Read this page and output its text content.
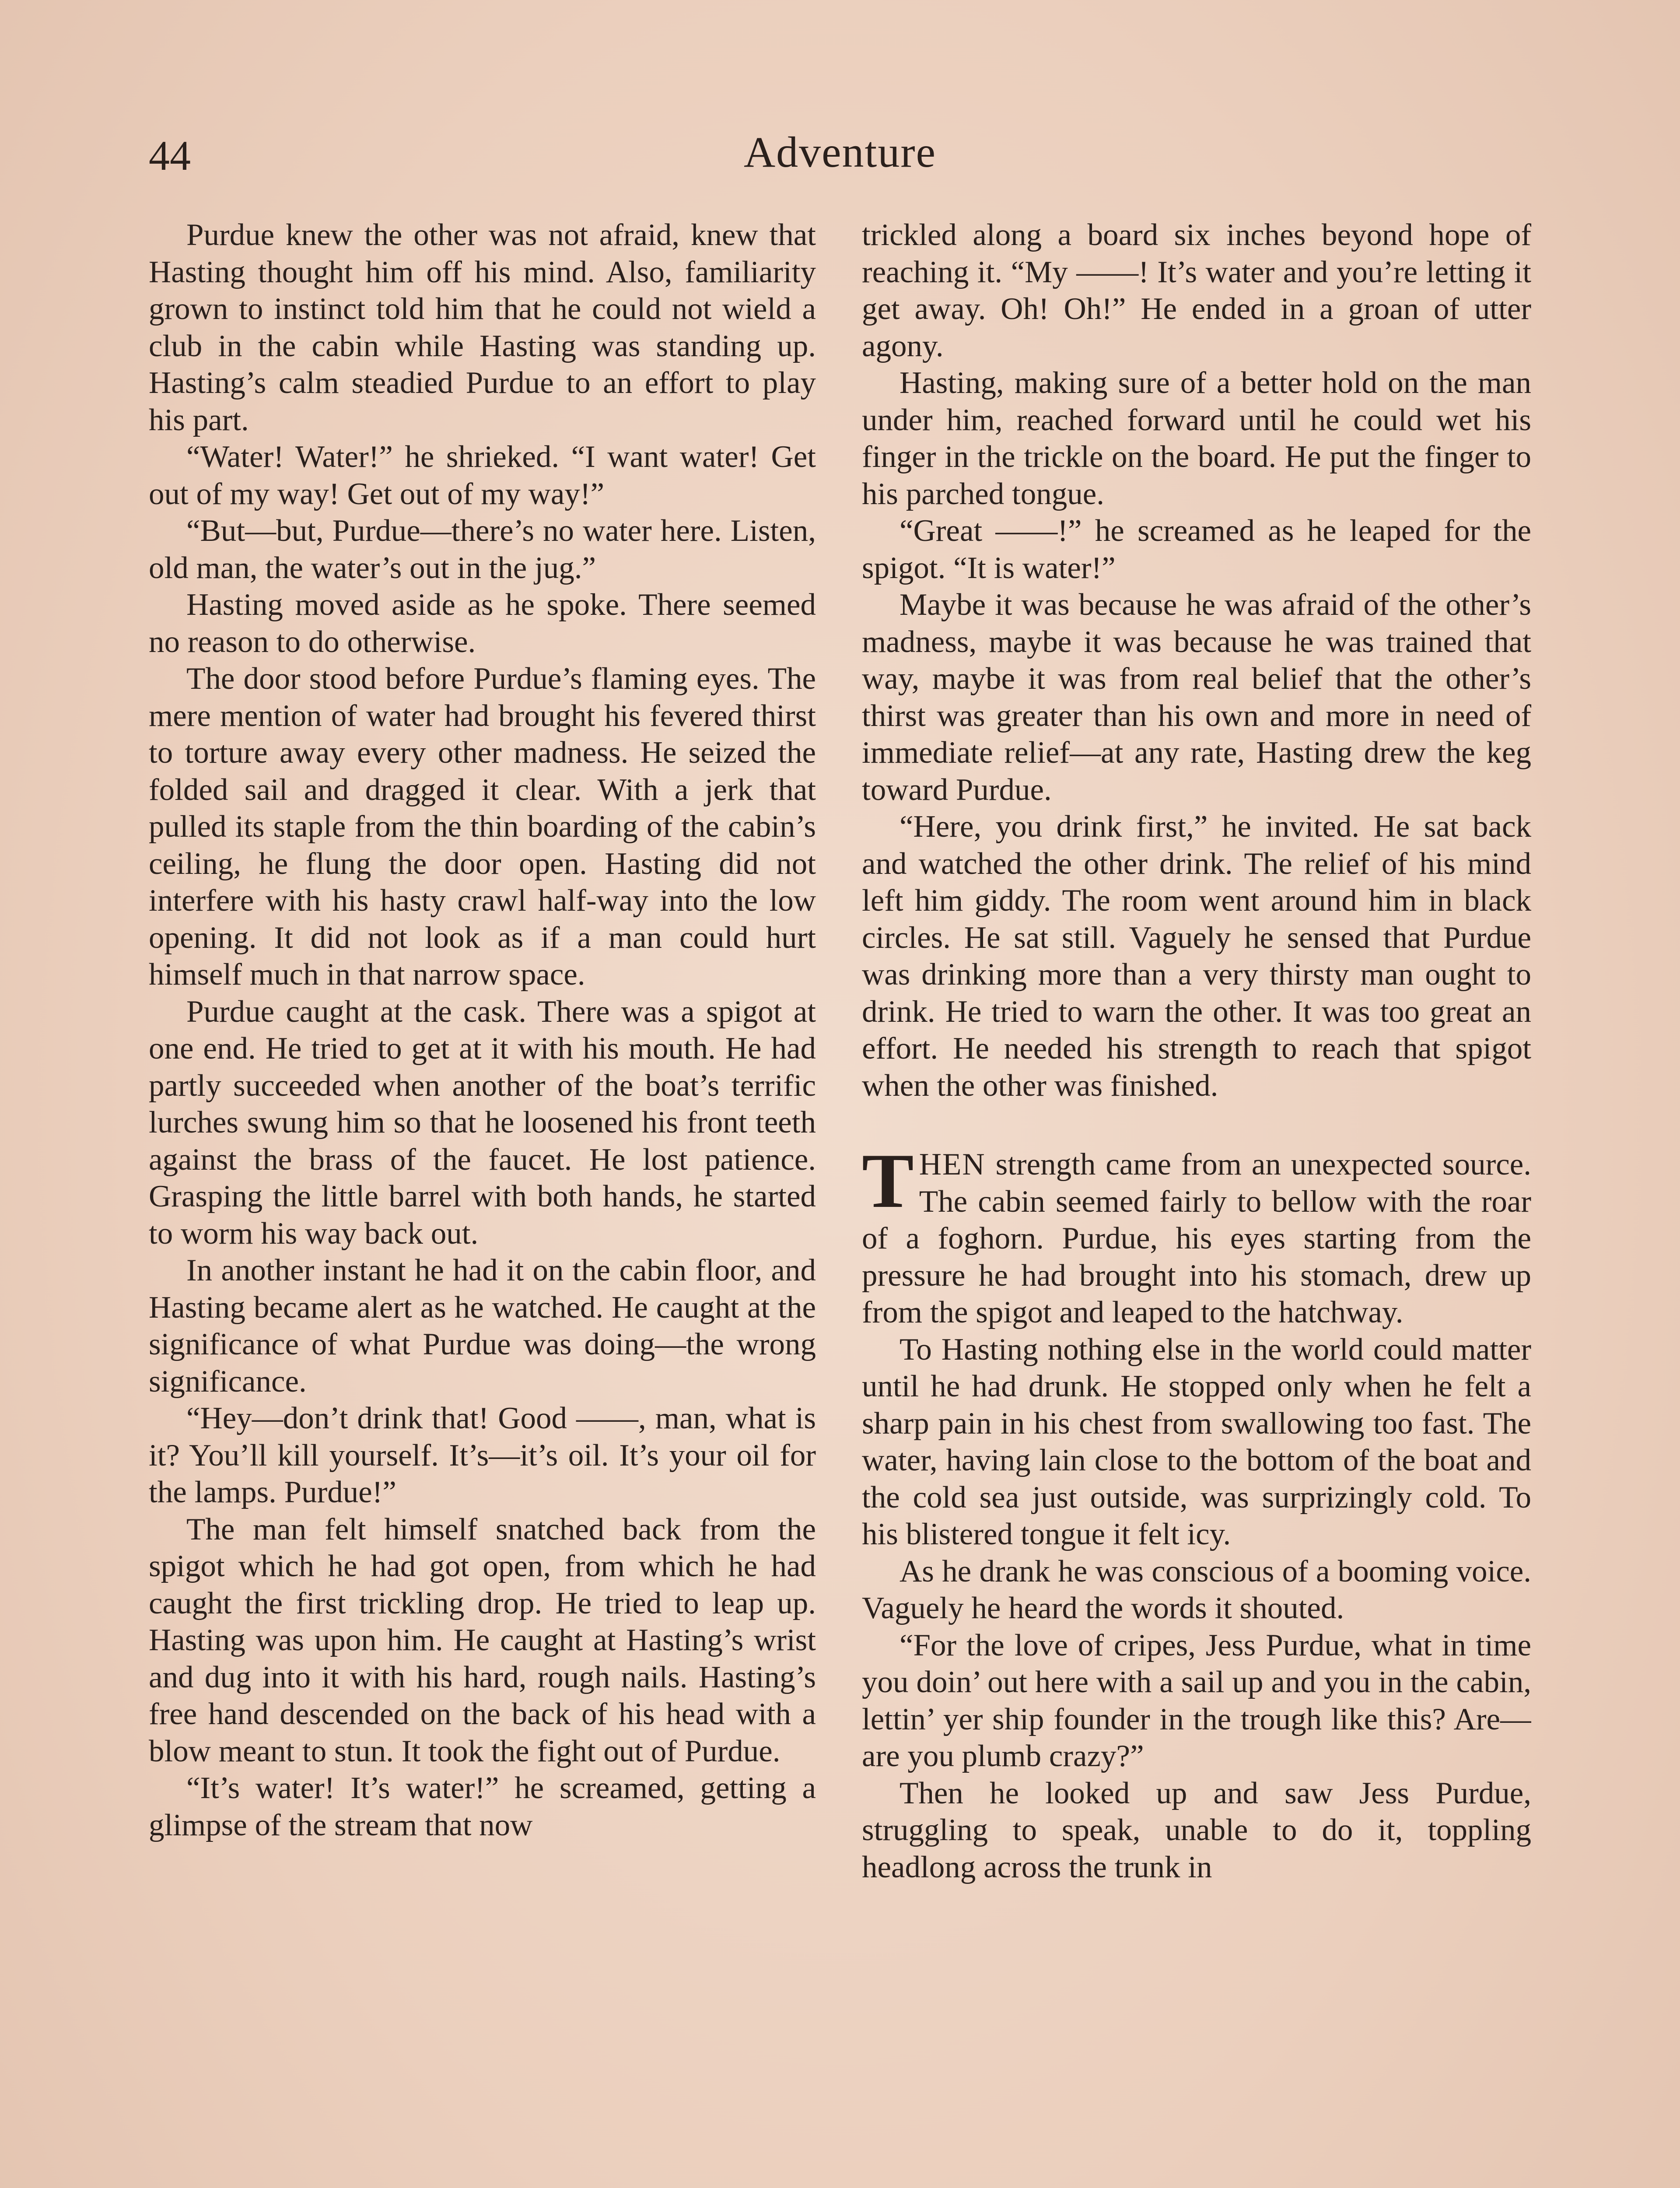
44	Adventure

Purdue knew the other was not afraid, knew that Hasting thought him off his mind. Also, familiarity grown to instinct told him that he could not wield a club in the cabin while Hasting was standing up. Hasting’s calm steadied Purdue to an effort to play his part.

“Water! Water!” he shrieked. “I want water! Get out of my way! Get out of my way!”

“But—but, Purdue—there’s no water here. Listen, old man, the water’s out in the jug.”

Hasting moved aside as he spoke. There seemed no reason to do otherwise.

The door stood before Purdue’s flaming eyes. The mere mention of water had brought his fevered thirst to torture away every other madness. He seized the folded sail and dragged it clear. With a jerk that pulled its staple from the thin boarding of the cabin’s ceiling, he flung the door open. Hasting did not interfere with his hasty crawl half-way into the low opening. It did not look as if a man could hurt himself much in that narrow space.

Purdue caught at the cask. There was a spigot at one end. He tried to get at it with his mouth. He had partly succeeded when another of the boat’s terrific lurches swung him so that he loosened his front teeth against the brass of the faucet. He lost patience. Grasping the little barrel with both hands, he started to worm his way back out.

In another instant he had it on the cabin floor, and Hasting became alert as he watched. He caught at the significance of what Purdue was doing—the wrong significance.

“Hey—don’t drink that! Good ——, man, what is it? You’ll kill yourself. It’s—it’s oil. It’s your oil for the lamps. Purdue!”

The man felt himself snatched back from the spigot which he had got open, from which he had caught the first trickling drop. He tried to leap up. Hasting was upon him. He caught at Hasting’s wrist and dug into it with his hard, rough nails. Hasting’s free hand descended on the back of his head with a blow meant to stun. It took the fight out of Purdue.

“It’s water! It’s water!” he screamed, getting a glimpse of the stream that now

trickled along a board six inches beyond hope of reaching it. “My ——! It’s water and you’re letting it get away. Oh! Oh!” He ended in a groan of utter agony.

Hasting, making sure of a better hold on the man under him, reached forward until he could wet his finger in the trickle on the board. He put the finger to his parched tongue.

“Great ——!” he screamed as he leaped for the spigot. “It is water!”

Maybe it was because he was afraid of the other’s madness, maybe it was because he was trained that way, maybe it was from real belief that the other’s thirst was greater than his own and more in need of immediate relief—at any rate, Hasting drew the keg toward Purdue.

“Here, you drink first,” he invited. He sat back and watched the other drink. The relief of his mind left him giddy. The room went around him in black circles. He sat still. Vaguely he sensed that Purdue was drinking more than a very thirsty man ought to drink. He tried to warn the other. It was too great an effort. He needed his strength to reach that spigot when the other was finished.

THEN strength came from an unexpected source. The cabin seemed fairly to bellow with the roar of a foghorn. Purdue, his eyes starting from the pressure he had brought into his stomach, drew up from the spigot and leaped to the hatchway.

To Hasting nothing else in the world could matter until he had drunk. He stopped only when he felt a sharp pain in his chest from swallowing too fast. The water, having lain close to the bottom of the boat and the cold sea just outside, was surprizingly cold. To his blistered tongue it felt icy.

As he drank he was conscious of a booming voice. Vaguely he heard the words it shouted.

“For the love of cripes, Jess Purdue, what in time you doin’ out here with a sail up and you in the cabin, lettin’ yer ship founder in the trough like this? Are—are you plumb crazy?”

Then he looked up and saw Jess Purdue, struggling to speak, unable to do it, toppling headlong across the trunk in
